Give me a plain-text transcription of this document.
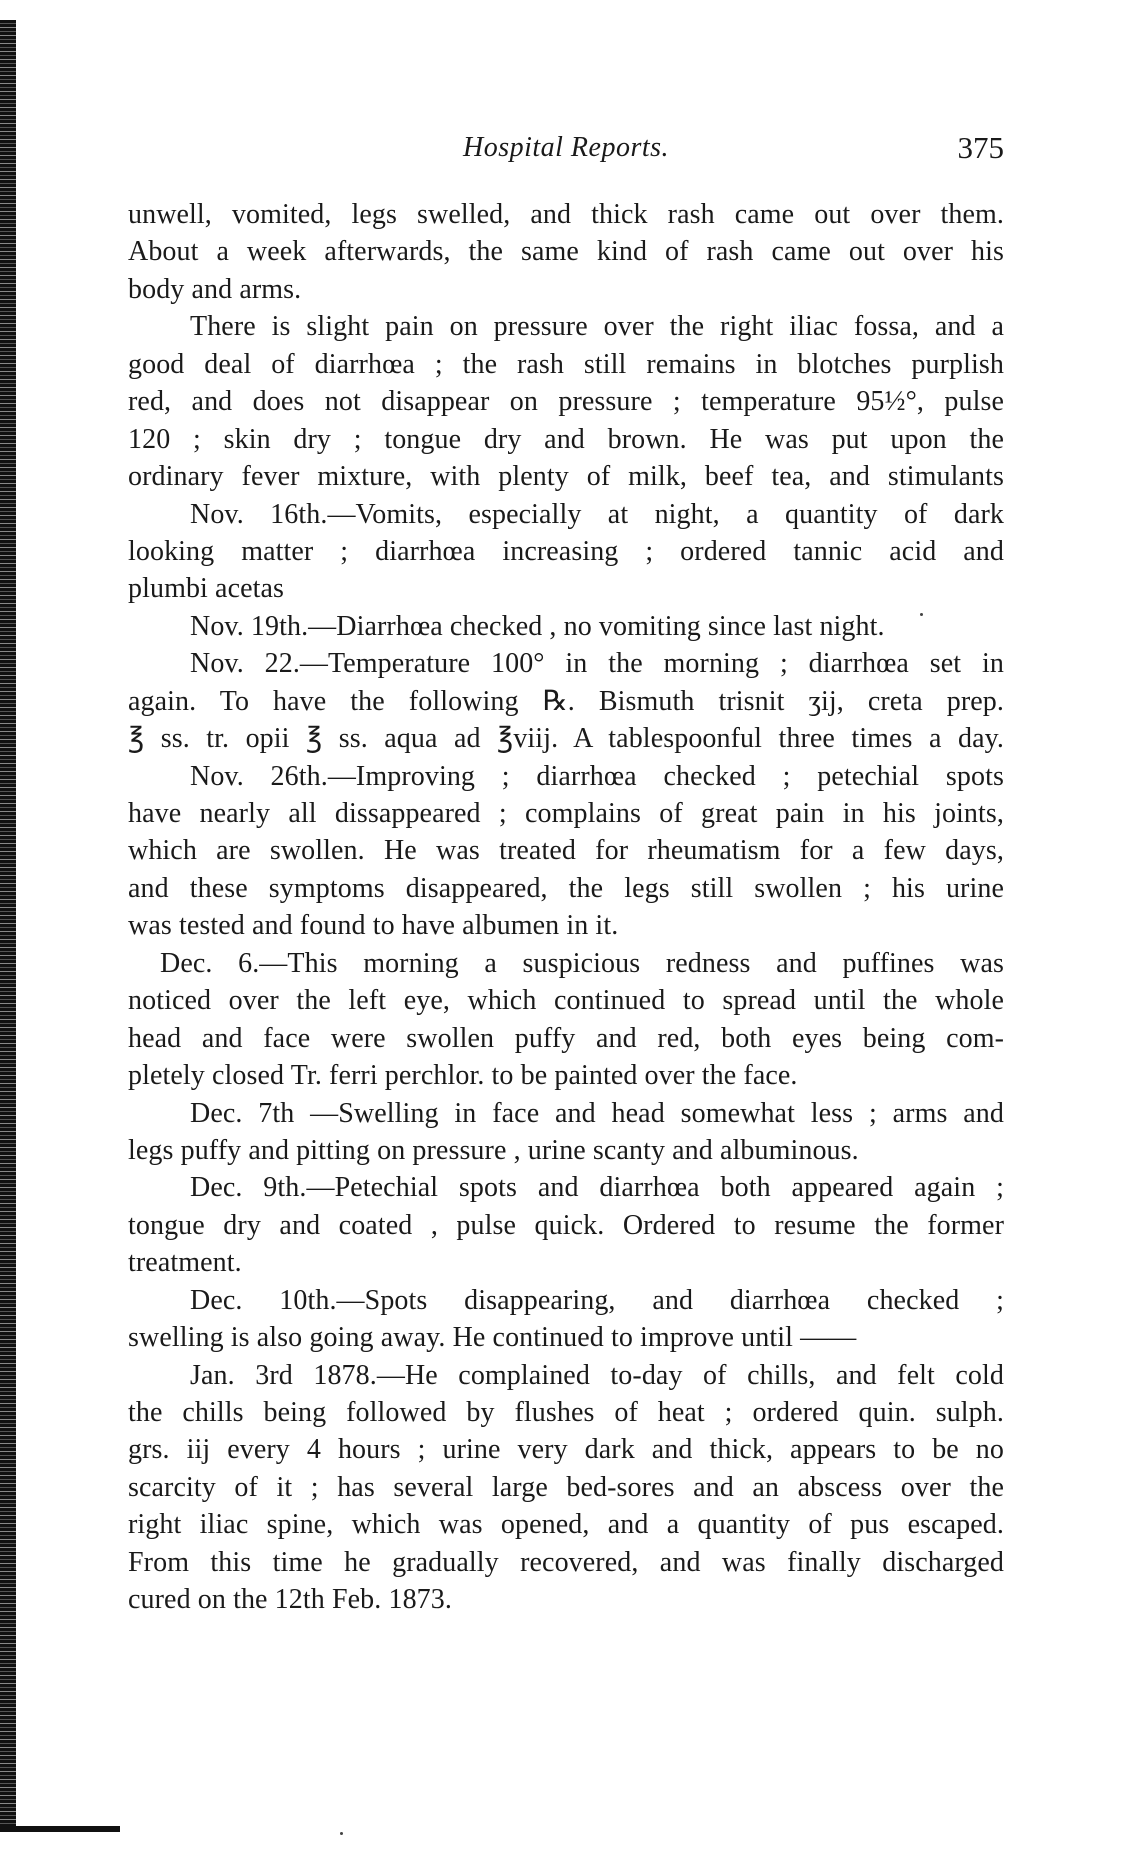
Hospital Reports.	375
unwell, vomited, legs swelled, and thick rash came out over them.
About a week afterwards, the same kind of rash came out over his
body and arms.
There is slight pain on pressure over the right iliac fossa, and a
good deal of diarrhœa ; the rash still remains in blotches purplish
red, and does not disappear on pressure ; temperature 95½°, pulse
120 ; skin dry ; tongue dry and brown. He was put upon the
ordinary fever mixture, with plenty of milk, beef tea, and stimulants
Nov. 16th.—Vomits, especially at night, a quantity of dark
looking matter ; diarrhœa increasing ; ordered tannic acid and
plumbi acetas
Nov. 19th.—Diarrhœa checked , no vomiting since last night.
Nov. 22.—Temperature 100° in the morning ; diarrhœa set in
again. To have the following ℞. Bismuth trisnit ʒij, creta prep.
℥ ss. tr. opii ℥ ss. aqua ad ℥viij. A tablespoonful three times a day.
Nov. 26th.—Improving ; diarrhœa checked ; petechial spots
have nearly all dissappeared ; complains of great pain in his joints,
which are swollen. He was treated for rheumatism for a few days,
and these symptoms disappeared, the legs still swollen ; his urine
was tested and found to have albumen in it.
Dec. 6.—This morning a suspicious redness and puffines was
noticed over the left eye, which continued to spread until the whole
head and face were swollen puffy and red, both eyes being com-
pletely closed Tr. ferri perchlor. to be painted over the face.
Dec. 7th —Swelling in face and head somewhat less ; arms and
legs puffy and pitting on pressure , urine scanty and albuminous.
Dec. 9th.—Petechial spots and diarrhœa both appeared again ;
tongue dry and coated , pulse quick. Ordered to resume the former
treatment.
Dec. 10th.—Spots disappearing, and diarrhœa checked ;
swelling is also going away. He continued to improve until ——
Jan. 3rd 1878.—He complained to-day of chills, and felt cold
the chills being followed by flushes of heat ; ordered quin. sulph.
grs. iij every 4 hours ; urine very dark and thick, appears to be no
scarcity of it ; has several large bed-sores and an abscess over the
right iliac spine, which was opened, and a quantity of pus escaped.
From this time he gradually recovered, and was finally discharged
cured on the 12th Feb. 1873.
